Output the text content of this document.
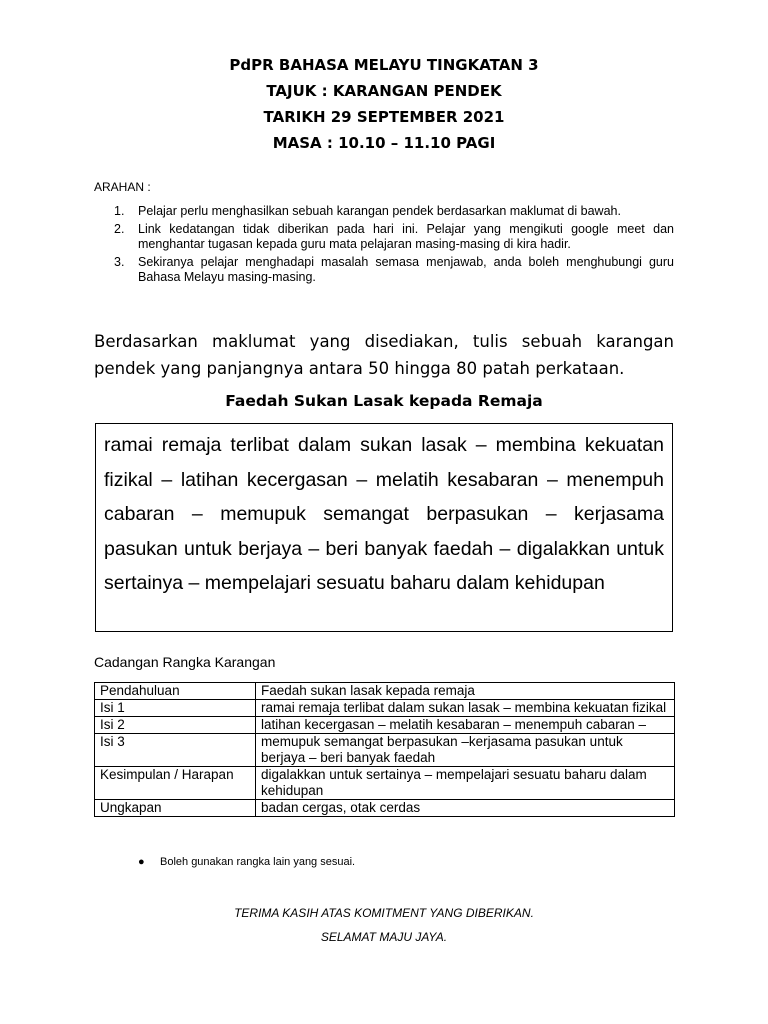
PdPR BAHASA MELAYU TINGKATAN 3
TAJUK : KARANGAN PENDEK
TARIKH 29 SEPTEMBER 2021
MASA : 10.10 – 11.10 PAGI
ARAHAN :
1. Pelajar perlu menghasilkan sebuah karangan pendek berdasarkan maklumat di bawah.
2. Link kedatangan tidak diberikan pada hari ini. Pelajar yang mengikuti google meet dan menghantar tugasan kepada guru mata pelajaran masing-masing di kira hadir.
3. Sekiranya pelajar menghadapi masalah semasa menjawab, anda boleh menghubungi guru Bahasa Melayu masing-masing.
Berdasarkan maklumat yang disediakan, tulis sebuah karangan pendek yang panjangnya antara 50 hingga 80 patah perkataan.
Faedah Sukan Lasak kepada Remaja
ramai remaja terlibat dalam sukan lasak – membina kekuatan fizikal – latihan kecergasan – melatih kesabaran – menempuh cabaran – memupuk semangat berpasukan – kerjasama pasukan untuk berjaya – beri banyak faedah – digalakkan untuk sertainya – mempelajari sesuatu baharu dalam kehidupan
Cadangan Rangka Karangan
Pendahuluan	Faedah sukan lasak kepada remaja
Isi 1	ramai remaja terlibat dalam sukan lasak – membina kekuatan fizikal
Isi 2	latihan kecergasan – melatih kesabaran – menempuh cabaran –
Isi 3	memupuk semangat berpasukan –kerjasama pasukan untuk berjaya – beri banyak faedah
Kesimpulan / Harapan	digalakkan untuk sertainya – mempelajari sesuatu baharu dalam kehidupan
Ungkapan	badan cergas, otak cerdas
● Boleh gunakan rangka lain yang sesuai.
TERIMA KASIH ATAS KOMITMENT YANG DIBERIKAN.
SELAMAT MAJU JAYA.
